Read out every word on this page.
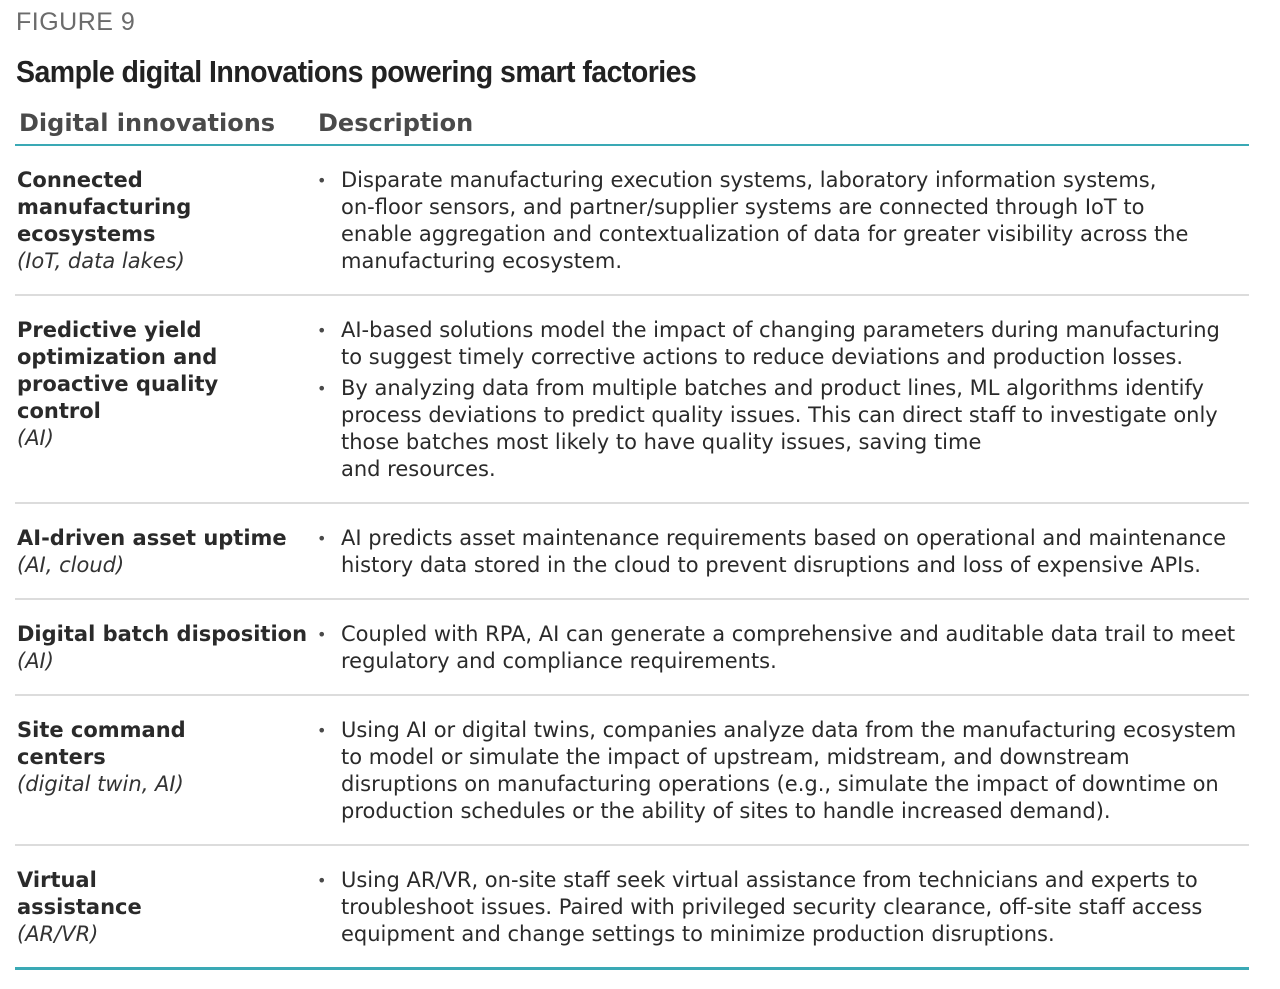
FIGURE 9
Sample digital Innovations powering smart factories
Digital innovations Description
Connected
manufacturing
ecosystems
(IoT, data lakes)
• Disparate manufacturing execution systems, laboratory information systems,
on-floor sensors, and partner/supplier systems are connected through IoT to
enable aggregation and contextualization of data for greater visibility across the
manufacturing ecosystem.
Predictive yield
optimization and
proactive quality
control
(AI)
• AI-based solutions model the impact of changing parameters during manufacturing
to suggest timely corrective actions to reduce deviations and production losses.
• By analyzing data from multiple batches and product lines, ML algorithms identify
process deviations to predict quality issues. This can direct staff to investigate only
those batches most likely to have quality issues, saving time
and resources.
AI-driven asset uptime
(AI, cloud)
• AI predicts asset maintenance requirements based on operational and maintenance
history data stored in the cloud to prevent disruptions and loss of expensive APIs.
Digital batch disposition
(AI)
• Coupled with RPA, AI can generate a comprehensive and auditable data trail to meet
regulatory and compliance requirements.
Site command
centers
(digital twin, AI)
• Using AI or digital twins, companies analyze data from the manufacturing ecosystem
to model or simulate the impact of upstream, midstream, and downstream
disruptions on manufacturing operations (e.g., simulate the impact of downtime on
production schedules or the ability of sites to handle increased demand).
Virtual
assistance
(AR/VR)
• Using AR/VR, on-site staff seek virtual assistance from technicians and experts to
troubleshoot issues. Paired with privileged security clearance, off-site staff access
equipment and change settings to minimize production disruptions.
